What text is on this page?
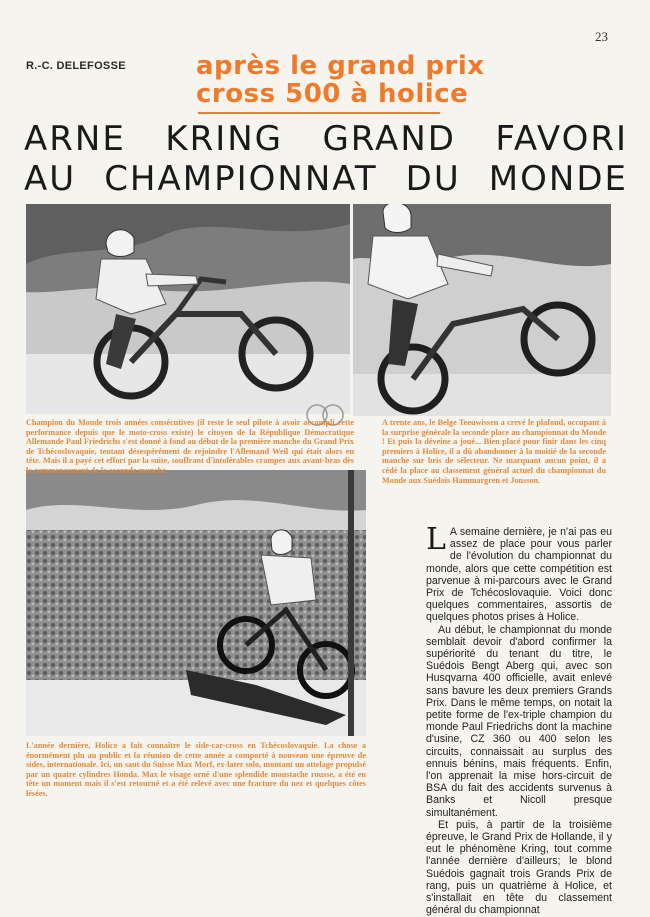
23
R.-C. DELEFOSSE	après le grand prix
cross 500 à holice
ARNE KRING GRAND FAVORI
AU CHAMPIONNAT DU MONDE
Champion du Monde trois années consécutives (il reste le seul pilote à avoir accompli cette performance depuis que le moto-cross existe) le citoyen de la République Démocratique Allemande Paul Friedrichs s'est donné à fond au début de la première manche du Grand Prix de Tchécoslovaquie, tentant désespérément de rejoindre l'Allemand Weil qui était alors en tête. Mais il a payé cet effort par la suite, souffrant d'intolérables crampes aux avant-bras dès le commencement de la seconde manche.
A trente ans, le Belge Teeuwissen a crevé le plafond, occupant à la surprise générale la seconde place au championnat du Monde ! Et puis la déveine a joué... Bien placé pour finir dans les cinq premiers à Holice, il a dû abandonner à la moitié de la seconde manche sur bris de sélecteur. Ne marquant aucun point, il a cédé la place au classement général actuel du championnat du Monde aux Suédois Hammargren et Jonsson.
L'année dernière, Holice a fait connaître le side-car-cross en Tchécoslovaquie. La chose a énormément plu au public et la réunion de cette année a comporté à nouveau une épreuve de sides, internationale. Ici, un saut du Suisse Max Morf, ex-later solo, montant un attelage propulsé par un quatre cylindres Honda. Max le visage orné d'une splendide moustache rousse, a été en tête un moment mais il s'est retourné et a été relevé avec une fracture du nez et quelques côtes lésées.

L A semaine dernière, je n'ai pas eu assez de place pour vous parler de l'évolution du championnat du monde, alors que cette compétition est parvenue à mi-parcours avec le Grand Prix de Tchécoslovaquie. Voici donc quelques commentaires, assortis de quelques photos prises à Holice.

Au début, le championnat du monde semblait devoir d'abord confirmer la supériorité du tenant du titre, le Suédois Bengt Aberg qui, avec son Husqvarna 400 officielle, avait enlevé sans bavure les deux premiers Grands Prix. Dans le même temps, on notait la petite forme de l'ex-triple champion du monde Paul Friedrichs dont la machine d'usine, CZ 360 ou 400 selon les circuits, connaissait au surplus des ennuis bénins, mais fréquents. Enfin, l'on apprenait la mise hors-circuit de BSA du fait des accidents survenus à Banks et Nicoll presque simultanément.

Et puis, à partir de la troisième épreuve, le Grand Prix de Hollande, il y eut le phénomène Kring, tout comme l'année dernière d'ailleurs; le blond Suédois gagnait trois Grands Prix de rang, puis un quatrième à Holice, et s'installait en tête du classement général du championnat
